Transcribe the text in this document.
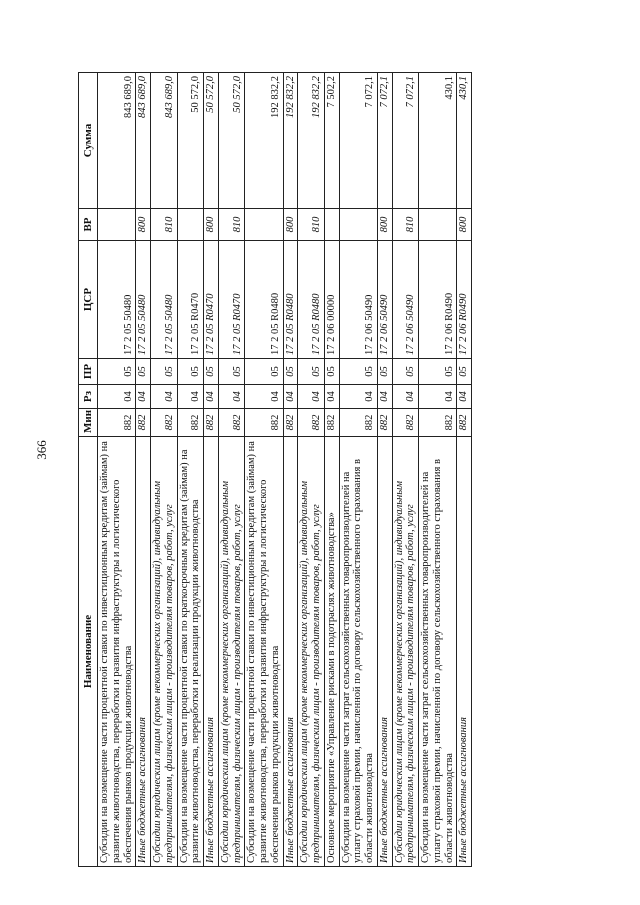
366
Наименование	Мин	Рз	ПР	ЦСР	ВР	Сумма
Субсидии на возмещение части процентной ставки по инвестиционным кредитам (займам) на развитие животноводства, переработки и развития инфраструктуры и логистического обеспечения рынков продукции животноводства	882	04	05	17 2 05 50480		843 689,0
Иные бюджетные ассигнования	882	04	05	17 2 05 50480	800	843 689,0
Субсидии юридическим лицам (кроме некоммерческих организаций), индивидуальным предпринимателям, физическим лицам - производителям товаров, работ, услуг	882	04	05	17 2 05 50480	810	843 689,0
Субсидии на возмещение части процентной ставки по краткосрочным кредитам (займам) на развитие животноводства, переработки и реализации продукции животноводства	882	04	05	17 2 05 R0470		50 572,0
Иные бюджетные ассигнования	882	04	05	17 2 05 R0470	800	50 572,0
Субсидии юридическим лицам (кроме некоммерческих организаций), индивидуальным предпринимателям, физическим лицам - производителям товаров, работ, услуг	882	04	05	17 2 05 R0470	810	50 572,0
Субсидии на возмещение части процентной ставки по инвестиционным кредитам (займам) на развитие животноводства, переработки и развития инфраструктуры и логистического обеспечения рынков продукции животноводства	882	04	05	17 2 05 R0480		192 832,2
Иные бюджетные ассигнования	882	04	05	17 2 05 R0480	800	192 832,2
Субсидии юридическим лицам (кроме некоммерческих организаций), индивидуальным предпринимателям, физическим лицам - производителям товаров, работ, услуг	882	04	05	17 2 05 R0480	810	192 832,2
Основное мероприятие «Управление рисками в подотраслях животноводства»	882	04	05	17 2 06 00000		7 502,2
Субсидии на возмещение части затрат сельскохозяйственных товаропроизводителей на уплату страховой премии, начисленной по договору сельскохозяйственного страхования в области животноводства	882	04	05	17 2 06 50490		7 072,1
Иные бюджетные ассигнования	882	04	05	17 2 06 50490	800	7 072,1
Субсидии юридическим лицам (кроме некоммерческих организаций), индивидуальным предпринимателям, физическим лицам - производителям товаров, работ, услуг	882	04	05	17 2 06 50490	810	7 072,1
Субсидии на возмещение части затрат сельскохозяйственных товаропроизводителей на уплату страховой премии, начисленной по договору сельскохозяйственного страхования в области животноводства	882	04	05	17 2 06 R0490		430,1
Иные бюджетные ассигнования	882	04	05	17 2 06 R0490	800	430,1
